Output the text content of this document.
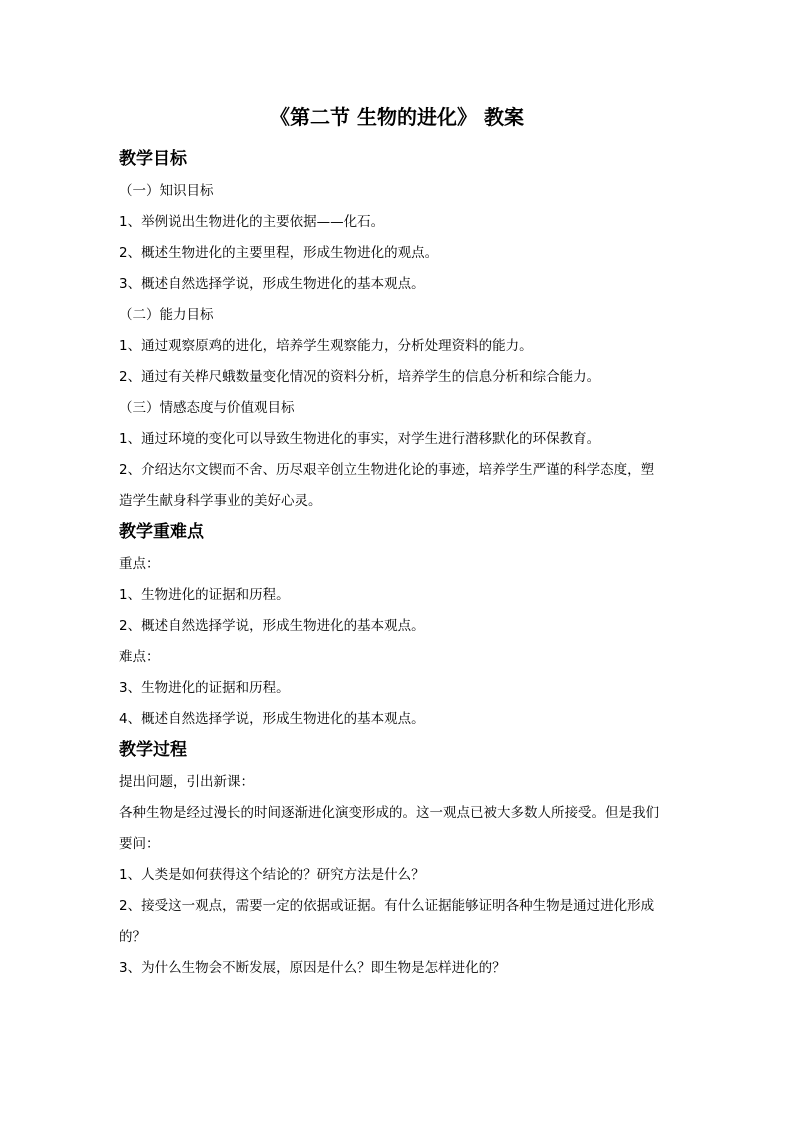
《第二节 生物的进化》 教案
教学目标

（一）知识目标

1、举例说出生物进化的主要依据——化石。

2、概述生物进化的主要里程，形成生物进化的观点。

3、概述自然选择学说，形成生物进化的基本观点。

（二）能力目标

1、通过观察原鸡的进化，培养学生观察能力，分析处理资料的能力。

2、通过有关桦尺蛾数量变化情况的资料分析，培养学生的信息分析和综合能力。

（三）情感态度与价值观目标

1、通过环境的变化可以导致生物进化的事实，对学生进行潜移默化的环保教育。

2、介绍达尔文锲而不舍、历尽艰辛创立生物进化论的事迹，培养学生严谨的科学态度，塑

造学生献身科学事业的美好心灵。

教学重难点

重点：

1、生物进化的证据和历程。

2、概述自然选择学说，形成生物进化的基本观点。

难点：

3、生物进化的证据和历程。

4、概述自然选择学说，形成生物进化的基本观点。

教学过程

提出问题，引出新课：

各种生物是经过漫长的时间逐渐进化演变形成的。这一观点已被大多数人所接受。但是我们

要问：

1、人类是如何获得这个结论的？研究方法是什么？

2、接受这一观点，需要一定的依据或证据。有什么证据能够证明各种生物是通过进化形成

的？

3、为什么生物会不断发展，原因是什么？即生物是怎样进化的？
